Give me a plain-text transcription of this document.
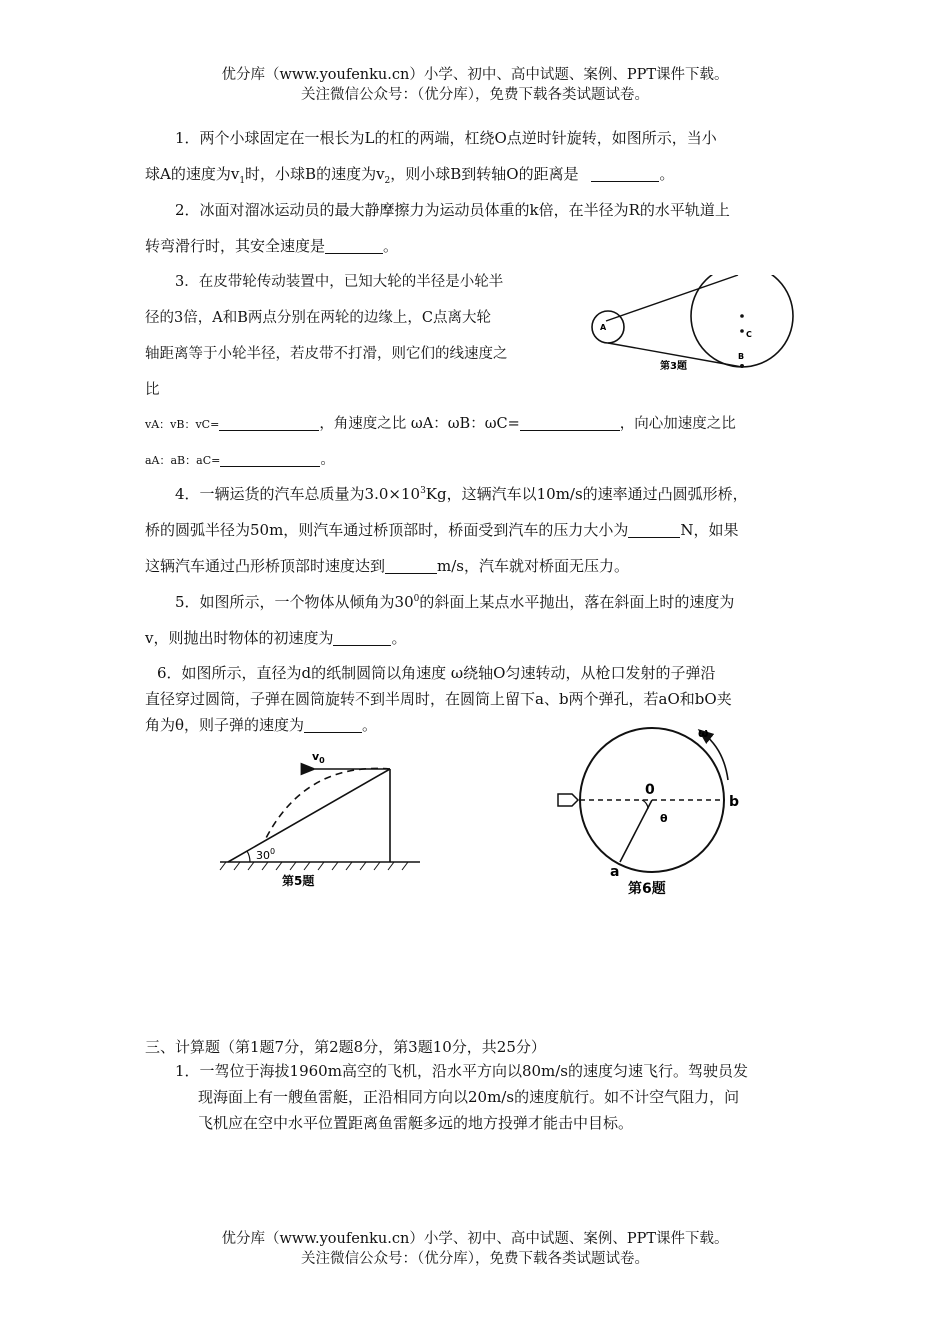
优分库（www.youfenku.cn）小学、初中、高中试题、案例、PPT课件下载。
关注微信公众号：（优分库），免费下载各类试题试卷。
1．两个小球固定在一根长为L的杠的两端，杠绕O点逆时针旋转，如图所示，当小
球A的速度为$v_1$时，小球B的速度为$v_2$，则小球B到转轴O的距离是	。
2．冰面对溜冰运动员的最大静摩擦力为运动员体重的k倍，在半径为R的水平轨道上
转弯滑行时，其安全速度是	。
3．在皮带轮传动装置中，已知大轮的半径是小轮半
径的3倍，A和B两点分别在两轮的边缘上，C点离大轮
轴距离等于小轮半径，若皮带不打滑，则它们的线速度之
比
A
C
B
第3题
vA：vB：vC=	，角速度之比 ωA：ωB：ωC=	，向心加速度之比
aA：aB：aC=	。
4．一辆运货的汽车总质量为$3.0\times 10^3Kg$，这辆汽车以10m/s的速率通过凸圆弧形桥，
桥的圆弧半径为50m，则汽车通过桥顶部时，桥面受到汽车的压力大小为	N，如果
这辆汽车通过凸形桥顶部时速度达到	m/s，汽车就对桥面无压力。
5．如图所示，一个物体从倾角为$30^0$的斜面上某点水平抛出，落在斜面上时的速度为
v，则抛出时物体的初速度为	。
6．如图所示，直径为d的纸制圆筒以角速度 ω绕轴O匀速转动，从枪口发射的子弹沿
直径穿过圆筒，子弹在圆筒旋转不到半周时，在圆筒上留下a、b两个弹孔，若aO和bO夹
角为θ，则子弹的速度为	。
$v_0$
$30^0$
第5题
ω
0
θ
b
a
第6题
三、计算题（第1题7分，第2题8分，第3题10分，共25分）
1．一驾位于海拔1960m高空的飞机，沿水平方向以80m/s的速度匀速飞行。驾驶员发
现海面上有一艘鱼雷艇，正沿相同方向以20m/s的速度航行。如不计空气阻力，问
飞机应在空中水平位置距离鱼雷艇多远的地方投弹才能击中目标。
优分库（www.youfenku.cn）小学、初中、高中试题、案例、PPT课件下载。
关注微信公众号：（优分库），免费下载各类试题试卷。
